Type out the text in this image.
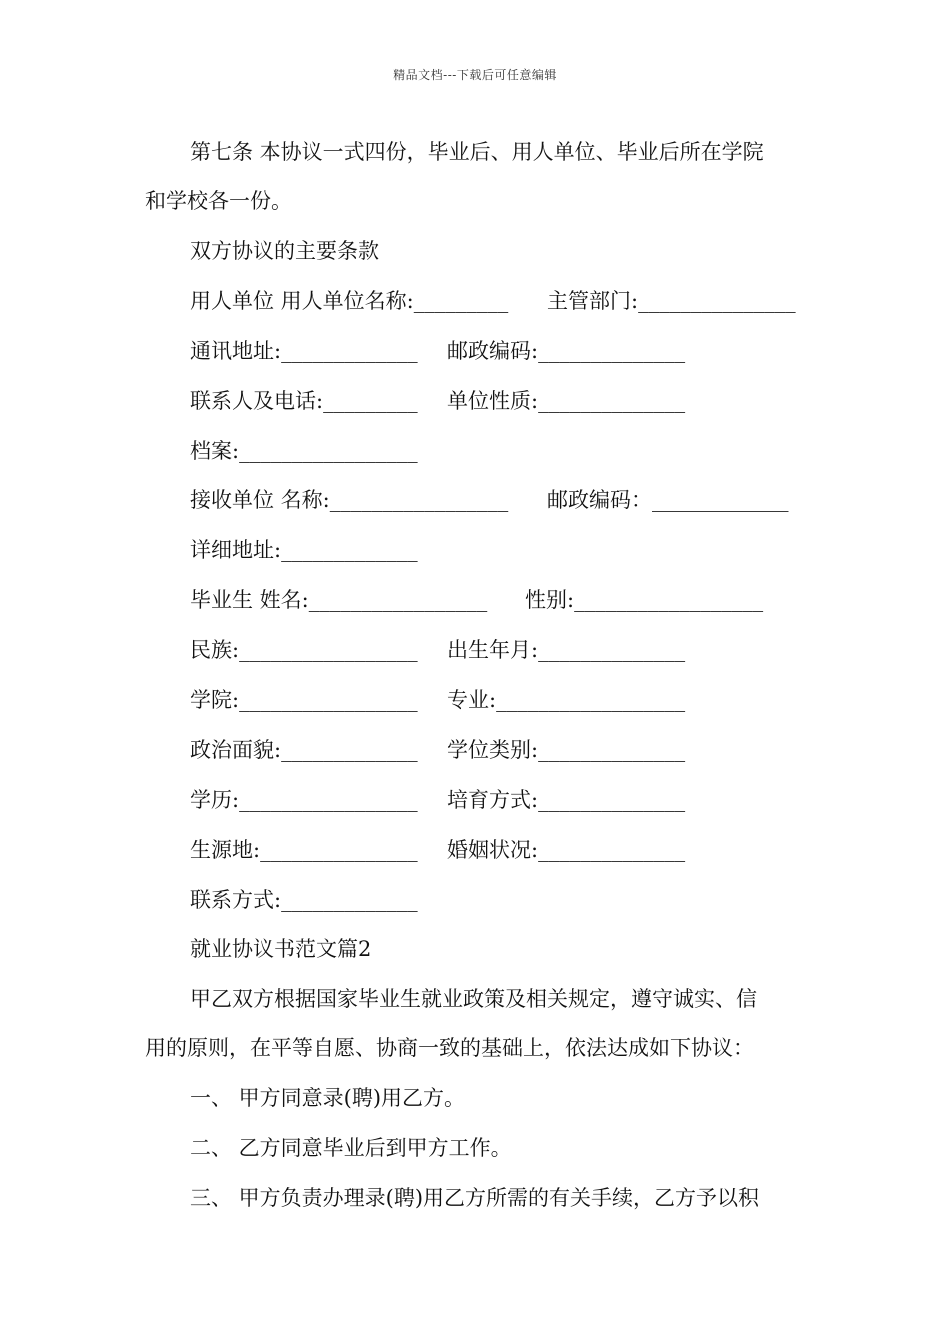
精品文档---下载后可任意编辑
第七条 本协议一式四份，毕业后、用人单位、毕业后所在学院
和学校各一份。
双方协议的主要条款
用人单位 用人单位名称:_________ 主管部门:_______________
通讯地址:_____________ 邮政编码:______________
联系人及电话:_________ 单位性质:______________
档案:_________________
接收单位 名称:_________________ 邮政编码：_____________
详细地址:_____________
毕业生 姓名:_________________ 性别:__________________
民族:_________________ 出生年月:______________
学院:_________________ 专业:__________________
政治面貌:_____________ 学位类别:______________
学历:_________________ 培育方式:______________
生源地:_______________ 婚姻状况:______________
联系方式:_____________
就业协议书范文篇2
甲乙双方根据国家毕业生就业政策及相关规定，遵守诚实、信
用的原则，在平等自愿、协商一致的基础上，依法达成如下协议：
一、 甲方同意录(聘)用乙方。
二、 乙方同意毕业后到甲方工作。
三、 甲方负责办理录(聘)用乙方所需的有关手续，乙方予以积
